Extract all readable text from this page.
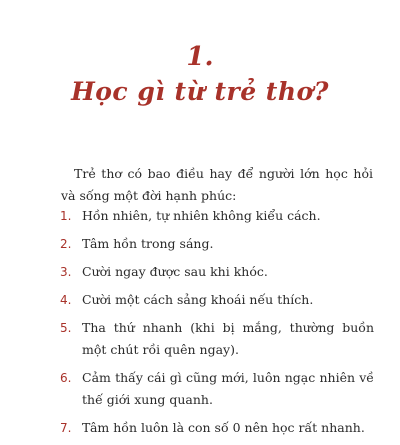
1.
Học gì từ trẻ thơ?

Trẻ thơ có bao điều hay để người lớn học hỏi và sống một đời hạnh phúc:

1. Hồn nhiên, tự nhiên không kiểu cách.
2. Tâm hồn trong sáng.
3. Cười ngay được sau khi khóc.
4. Cười một cách sảng khoái nếu thích.
5. Tha thứ nhanh (khi bị mắng, thường buồn một chút rồi quên ngay).
6. Cảm thấy cái gì cũng mới, luôn ngạc nhiên về thế giới xung quanh.
7. Tâm hồn luôn là con số 0 nên học rất nhanh.
